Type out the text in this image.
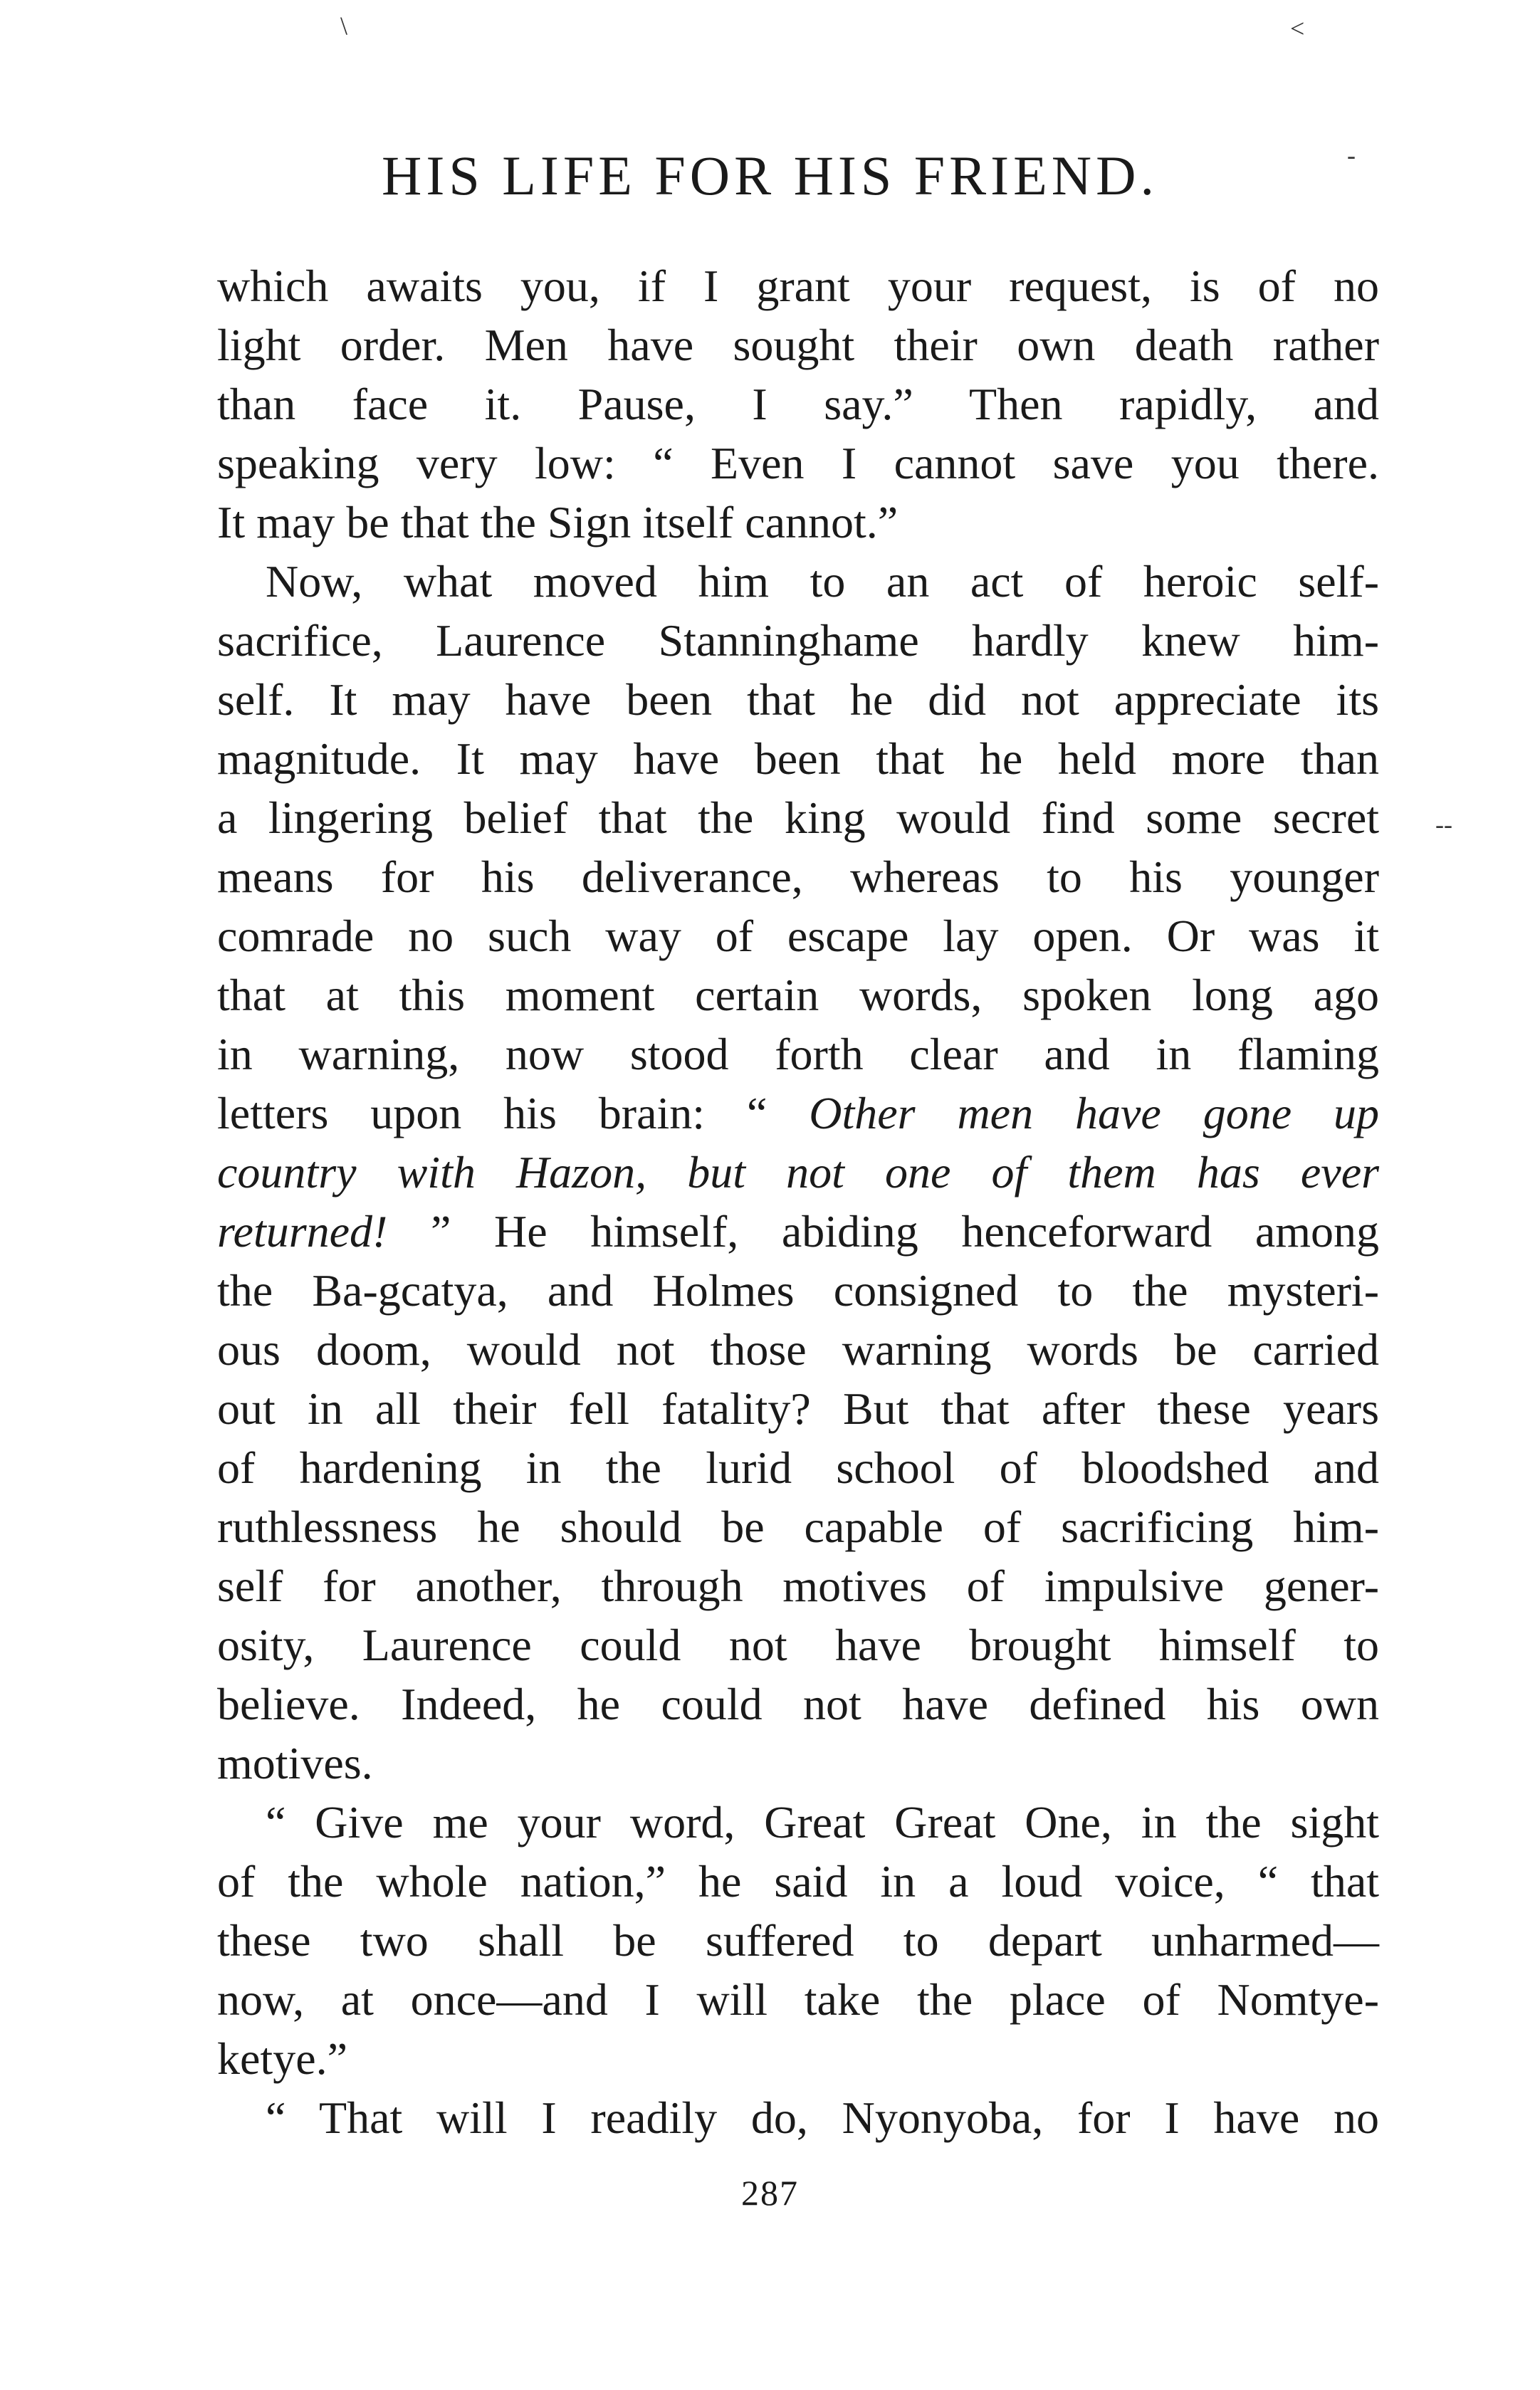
\	<
-
--
HIS LIFE FOR HIS FRIEND.
which awaits you, if I grant your request, is of no
light order. Men have sought their own death rather
than face it. Pause, I say.” Then rapidly, and
speaking very low: “ Even I cannot save you there.
It may be that the Sign itself cannot.”
Now, what moved him to an act of heroic self-
sacrifice, Laurence Stanninghame hardly knew him-
self. It may have been that he did not appreciate its
magnitude. It may have been that he held more than
a lingering belief that the king would find some secret
means for his deliverance, whereas to his younger
comrade no such way of escape lay open. Or was it
that at this moment certain words, spoken long ago
in warning, now stood forth clear and in flaming
letters upon his brain: “ Other men have gone up
country with Hazon, but not one of them has ever
returned! ” He himself, abiding henceforward among
the Ba-gcatya, and Holmes consigned to the mysteri-
ous doom, would not those warning words be carried
out in all their fell fatality? But that after these years
of hardening in the lurid school of bloodshed and
ruthlessness he should be capable of sacrificing him-
self for another, through motives of impulsive gener-
osity, Laurence could not have brought himself to
believe. Indeed, he could not have defined his own
motives.
“ Give me your word, Great Great One, in the sight
of the whole nation,” he said in a loud voice, “ that
these two shall be suffered to depart unharmed—
now, at once—and I will take the place of Nomtye-
ketye.”
“ That will I readily do, Nyonyoba, for I have no
287
